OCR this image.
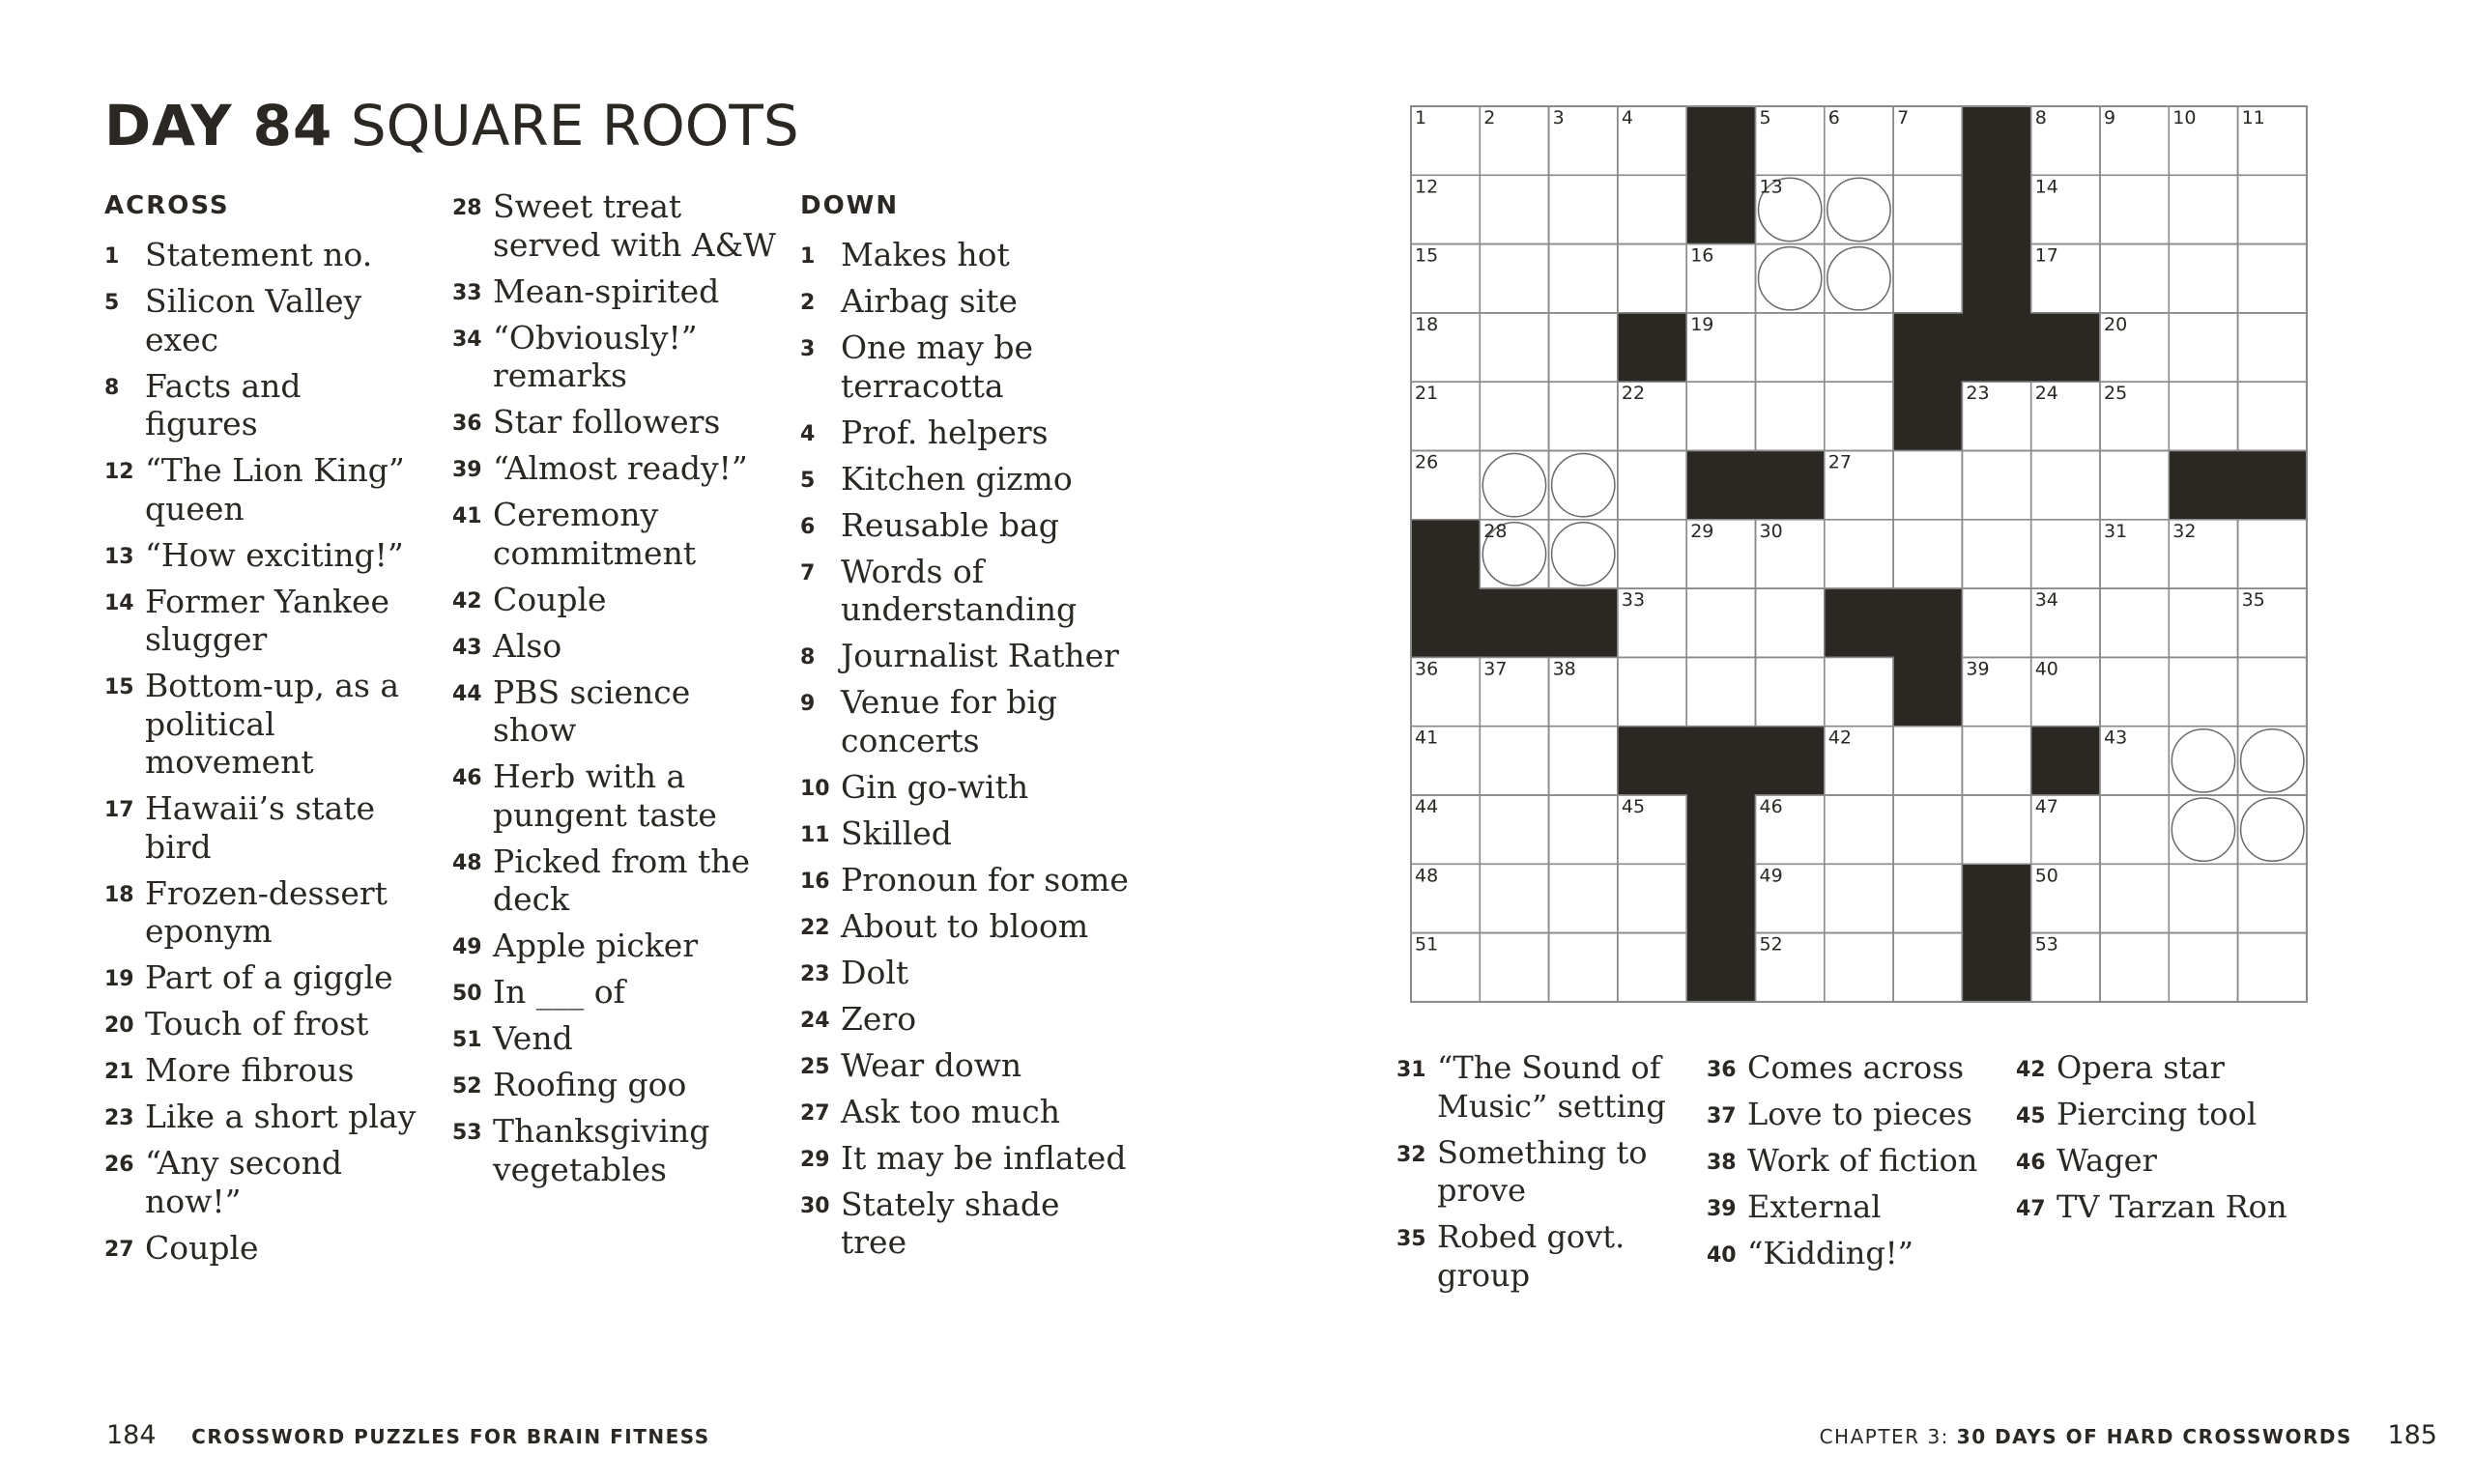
DAY 84 SQUARE ROOTS
ACROSS
1 Statement no.
5 Silicon Valley exec
8 Facts and figures
12 “The Lion King” queen
13 “How exciting!”
14 Former Yankee slugger
15 Bottom-up, as a political movement
17 Hawaii’s state bird
18 Frozen-dessert eponym
19 Part of a giggle
20 Touch of frost
21 More fibrous
23 Like a short play
26 “Any second now!”
27 Couple
28 Sweet treat served with A&W
33 Mean-spirited
34 “Obviously!” remarks
36 Star followers
39 “Almost ready!”
41 Ceremony commitment
42 Couple
43 Also
44 PBS science show
46 Herb with a pungent taste
48 Picked from the deck
49 Apple picker
50 In ___ of
51 Vend
52 Roofing goo
53 Thanksgiving vegetables
DOWN
1 Makes hot
2 Airbag site
3 One may be terracotta
4 Prof. helpers
5 Kitchen gizmo
6 Reusable bag
7 Words of understanding
8 Journalist Rather
9 Venue for big concerts
10 Gin go-with
11 Skilled
16 Pronoun for some
22 About to bloom
23 Dolt
24 Zero
25 Wear down
27 Ask too much
29 It may be inflated
30 Stately shade tree
31 “The Sound of Music” setting
32 Something to prove
35 Robed govt. group
36 Comes across
37 Love to pieces
38 Work of fiction
39 External
40 “Kidding!”
42 Opera star
45 Piercing tool
46 Wager
47 TV Tarzan Ron
1	2	3	4	5	6	7	8	9	10 11
12	13	14
15	16	17
18	19	20
21	22	23 24 25
26	27
28	29 30	31 32
33	34	35
36 37 38	39 40
41	42	43
44	45	46	47
48	49	50
51	52	53
184 CROSSWORD PUZZLES FOR BRAIN FITNESS	CHAPTER 3: 30 DAYS OF HARD CROSSWORDS 185
